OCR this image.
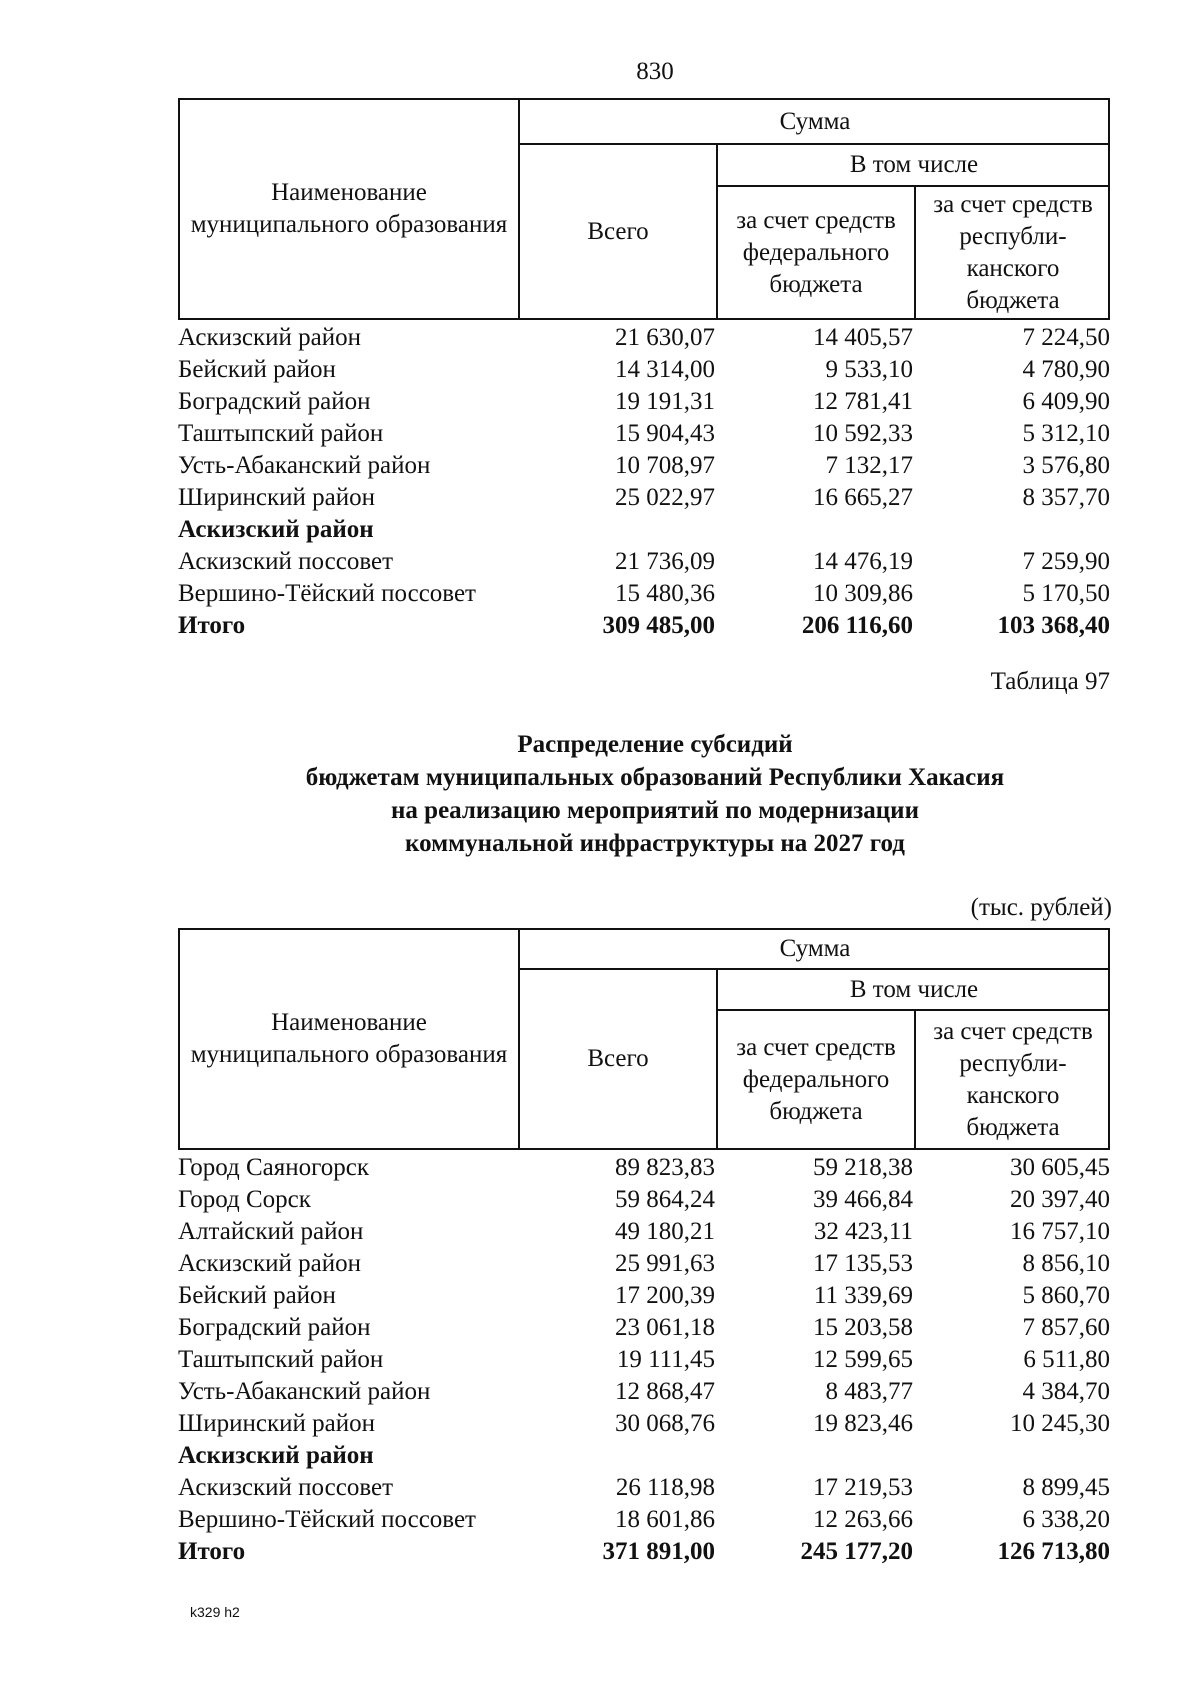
830
Наименование муниципального образования
Сумма
Всего
В том числе
за счет средств федерального бюджета
за счет средств республи-канского бюджета
Аскизский район	21 630,07	14 405,57	7 224,50
Бейский район	14 314,00	9 533,10	4 780,90
Боградский район	19 191,31	12 781,41	6 409,90
Таштыпский район	15 904,43	10 592,33	5 312,10
Усть-Абаканский район	10 708,97	7 132,17	3 576,80
Ширинский район	25 022,97	16 665,27	8 357,70
Аскизский район
Аскизский поссовет	21 736,09	14 476,19	7 259,90
Вершино-Тёйский поссовет	15 480,36	10 309,86	5 170,50
Итого	309 485,00	206 116,60	103 368,40
Таблица 97
Распределение субсидий
бюджетам муниципальных образований Республики Хакасия
на реализацию мероприятий по модернизации
коммунальной инфраструктуры на 2027 год
(тыс. рублей)
Наименование муниципального образования
Сумма
Всего
В том числе
за счет средств федерального бюджета
за счет средств республи-канского бюджета
Город Саяногорск	89 823,83	59 218,38	30 605,45
Город Сорск	59 864,24	39 466,84	20 397,40
Алтайский район	49 180,21	32 423,11	16 757,10
Аскизский район	25 991,63	17 135,53	8 856,10
Бейский район	17 200,39	11 339,69	5 860,70
Боградский район	23 061,18	15 203,58	7 857,60
Таштыпский район	19 111,45	12 599,65	6 511,80
Усть-Абаканский район	12 868,47	8 483,77	4 384,70
Ширинский район	30 068,76	19 823,46	10 245,30
Аскизский район
Аскизский поссовет	26 118,98	17 219,53	8 899,45
Вершино-Тёйский поссовет	18 601,86	12 263,66	6 338,20
Итого	371 891,00	245 177,20	126 713,80
k329 h2
